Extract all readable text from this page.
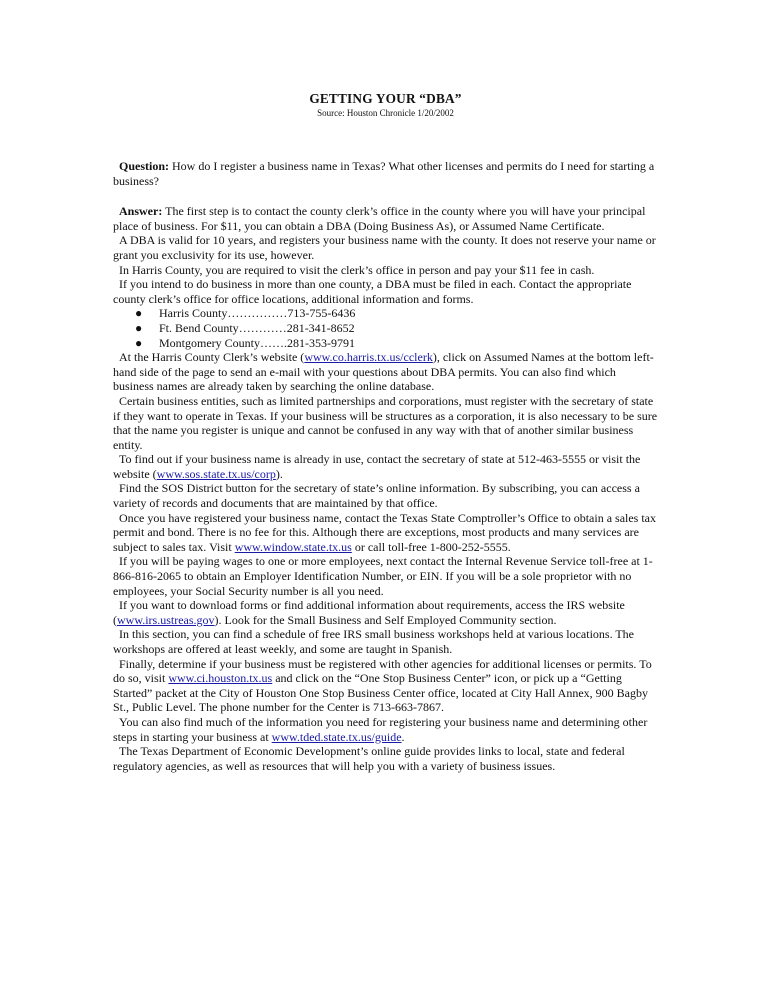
GETTING YOUR “DBA”
Source: Houston Chronicle 1/20/2002

Question: How do I register a business name in Texas? What other licenses and permits do I need for starting a business?

Answer: The first step is to contact the county clerk’s office in the county where you will have your principal place of business. For $11, you can obtain a DBA (Doing Business As), or Assumed Name Certificate.

A DBA is valid for 10 years, and registers your business name with the county. It does not reserve your name or grant you exclusivity for its use, however.

In Harris County, you are required to visit the clerk’s office in person and pay your $11 fee in cash.

If you intend to do business in more than one county, a DBA must be filed in each. Contact the appropriate county clerk’s office for office locations, additional information and forms.

● Harris County……………713-755-6436
● Ft. Bend County…………281-341-8652
● Montgomery County…….281-353-9791

At the Harris County Clerk’s website (www.co.harris.tx.us/cclerk), click on Assumed Names at the bottom left-hand side of the page to send an e-mail with your questions about DBA permits. You can also find which business names are already taken by searching the online database.

Certain business entities, such as limited partnerships and corporations, must register with the secretary of state if they want to operate in Texas. If your business will be structures as a corporation, it is also necessary to be sure that the name you register is unique and cannot be confused in any way with that of another similar business entity.

To find out if your business name is already in use, contact the secretary of state at 512-463-5555 or visit the website (www.sos.state.tx.us/corp).

Find the SOS District button for the secretary of state’s online information. By subscribing, you can access a variety of records and documents that are maintained by that office.

Once you have registered your business name, contact the Texas State Comptroller’s Office to obtain a sales tax permit and bond. There is no fee for this. Although there are exceptions, most products and many services are subject to sales tax. Visit www.window.state.tx.us or call toll-free 1-800-252-5555.

If you will be paying wages to one or more employees, next contact the Internal Revenue Service toll-free at 1-866-816-2065 to obtain an Employer Identification Number, or EIN. If you will be a sole proprietor with no employees, your Social Security number is all you need.

If you want to download forms or find additional information about requirements, access the IRS website (www.irs.ustreas.gov). Look for the Small Business and Self Employed Community section.

In this section, you can find a schedule of free IRS small business workshops held at various locations. The workshops are offered at least weekly, and some are taught in Spanish.

Finally, determine if your business must be registered with other agencies for additional licenses or permits. To do so, visit www.ci.houston.tx.us and click on the “One Stop Business Center” icon, or pick up a “Getting Started” packet at the City of Houston One Stop Business Center office, located at City Hall Annex, 900 Bagby St., Public Level. The phone number for the Center is 713-663-7867.

You can also find much of the information you need for registering your business name and determining other steps in starting your business at www.tded.state.tx.us/guide.

The Texas Department of Economic Development’s online guide provides links to local, state and federal regulatory agencies, as well as resources that will help you with a variety of business issues.
